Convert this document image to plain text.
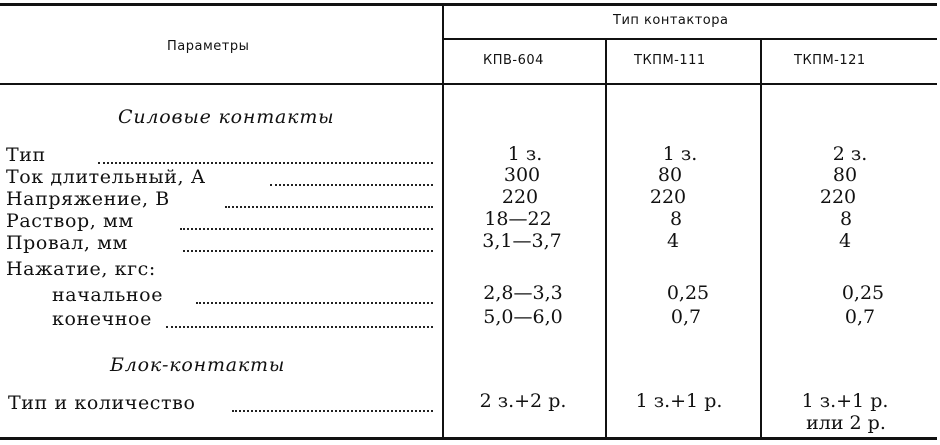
Параметры
Тип контактора
КПВ-604	ТКПМ-111	ТКПМ-121
Силовые контакты
Тип	1 з.	1 з.	2 з.
Ток длительный, А	300	80	80
Напряжение, В	220	220	220
Раствор, мм	18—22	8	8
Провал, мм	3,1—3,7	4	4
Нажатие, кгс:
начальное	2,8—3,3	0,25	0,25
конечное	5,0—6,0	0,7	0,7
Блок-контакты
Тип и количество	2 з.+2 р.	1 з.+1 р.	1 з.+1 р.
или 2 р.
